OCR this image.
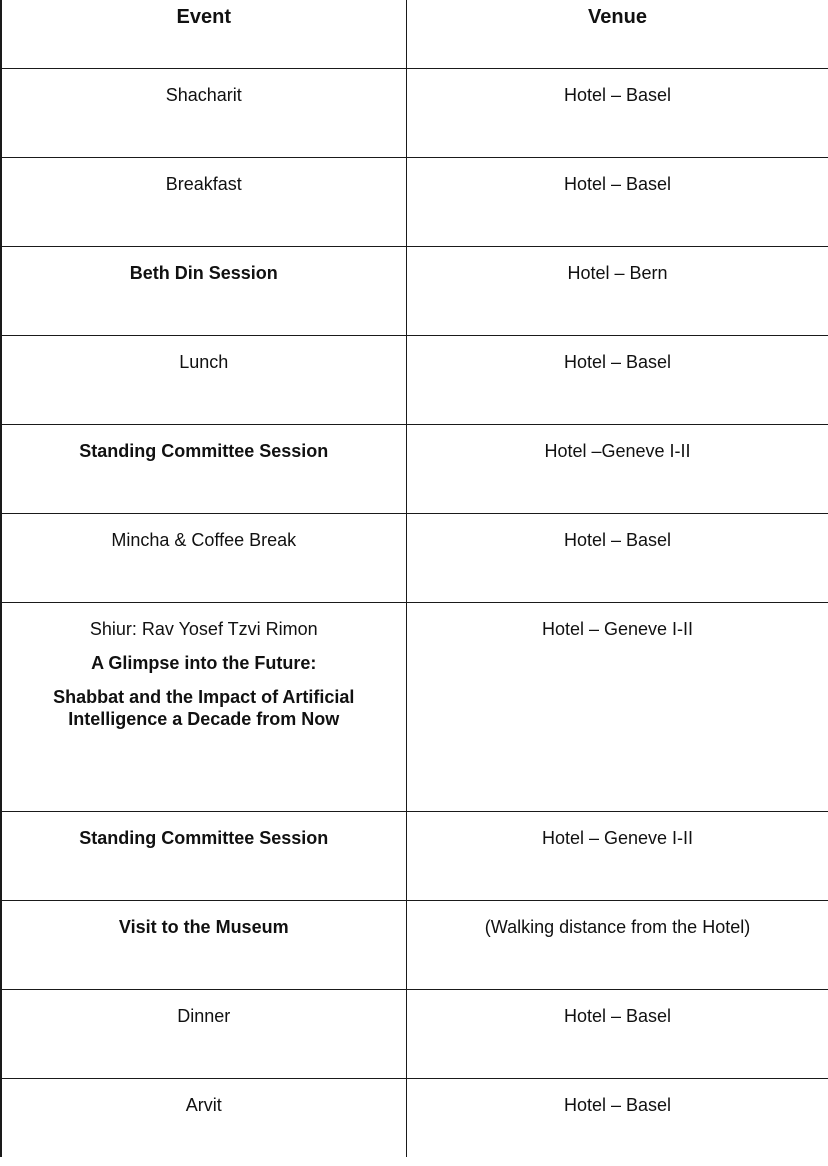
Event	Venue
Shacharit	Hotel – Basel
Breakfast	Hotel – Basel
Beth Din Session	Hotel – Bern
Lunch	Hotel – Basel
Standing Committee Session	Hotel –Geneve I-II
Mincha & Coffee Break	Hotel – Basel

Shiur: Rav Yosef Tzvi Rimon
A Glimpse into the Future:
Shabbat and the Impact of Artificial
Intelligence a Decade from Now	Hotel – Geneve I-II
Standing Committee Session	Hotel – Geneve I-II
Visit to the Museum	(Walking distance from the Hotel)
Dinner	Hotel – Basel
Arvit	Hotel – Basel
